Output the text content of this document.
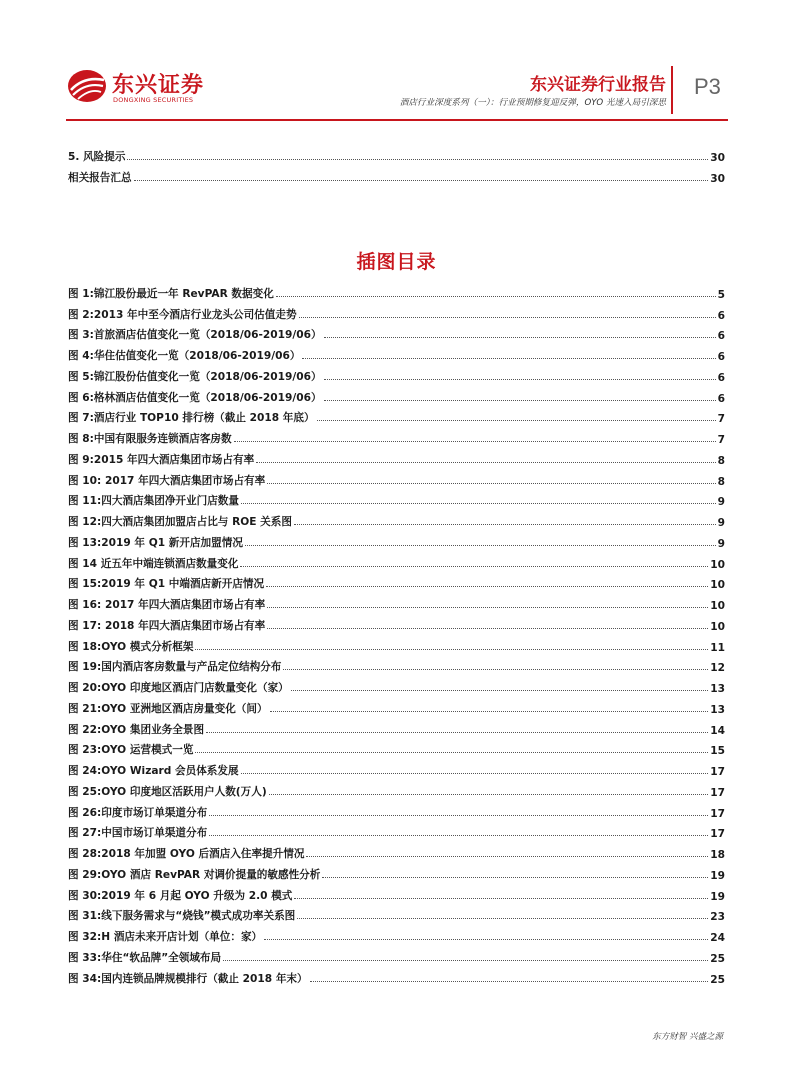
东兴证券
DONGXING SECURITIES
东兴证券行业报告
酒店行业深度系列（一）：行业预期修复迎反弹，OYO 光速入局引深思
P3
5. 风险提示	30
相关报告汇总	30
插图目录
图 1:锦江股份最近一年 RevPAR 数据变化	5
图 2:2013 年中至今酒店行业龙头公司估值走势	6
图 3:首旅酒店估值变化一览（2018/06-2019/06）	6
图 4:华住估值变化一览（2018/06-2019/06）	6
图 5:锦江股份估值变化一览（2018/06-2019/06）	6
图 6:格林酒店估值变化一览（2018/06-2019/06）	6
图 7:酒店行业 TOP10 排行榜（截止 2018 年底）	7
图 8:中国有限服务连锁酒店客房数	7
图 9:2015 年四大酒店集团市场占有率	8
图 10: 2017 年四大酒店集团市场占有率	8
图 11:四大酒店集团净开业门店数量	9
图 12:四大酒店集团加盟店占比与 ROE 关系图	9
图 13:2019 年 Q1 新开店加盟情况	9
图 14 近五年中端连锁酒店数量变化	10
图 15:2019 年 Q1 中端酒店新开店情况	10
图 16: 2017 年四大酒店集团市场占有率	10
图 17: 2018 年四大酒店集团市场占有率	10
图 18:OYO 模式分析框架	11
图 19:国内酒店客房数量与产品定位结构分布	12
图 20:OYO 印度地区酒店门店数量变化（家）	13
图 21:OYO 亚洲地区酒店房量变化（间）	13
图 22:OYO 集团业务全景图	14
图 23:OYO 运营模式一览	15
图 24:OYO Wizard 会员体系发展	17
图 25:OYO 印度地区活跃用户人数(万人)	17
图 26:印度市场订单渠道分布	17
图 27:中国市场订单渠道分布	17
图 28:2018 年加盟 OYO 后酒店入住率提升情况	18
图 29:OYO 酒店 RevPAR 对调价提量的敏感性分析	19
图 30:2019 年 6 月起 OYO 升级为 2.0 模式	19
图 31:线下服务需求与“烧钱”模式成功率关系图	23
图 32:H 酒店未来开店计划（单位：家）	24
图 33:华住“软品牌”全领域布局	25
图 34:国内连锁品牌规模排行（截止 2018 年末）	25
东方财智 兴盛之源
